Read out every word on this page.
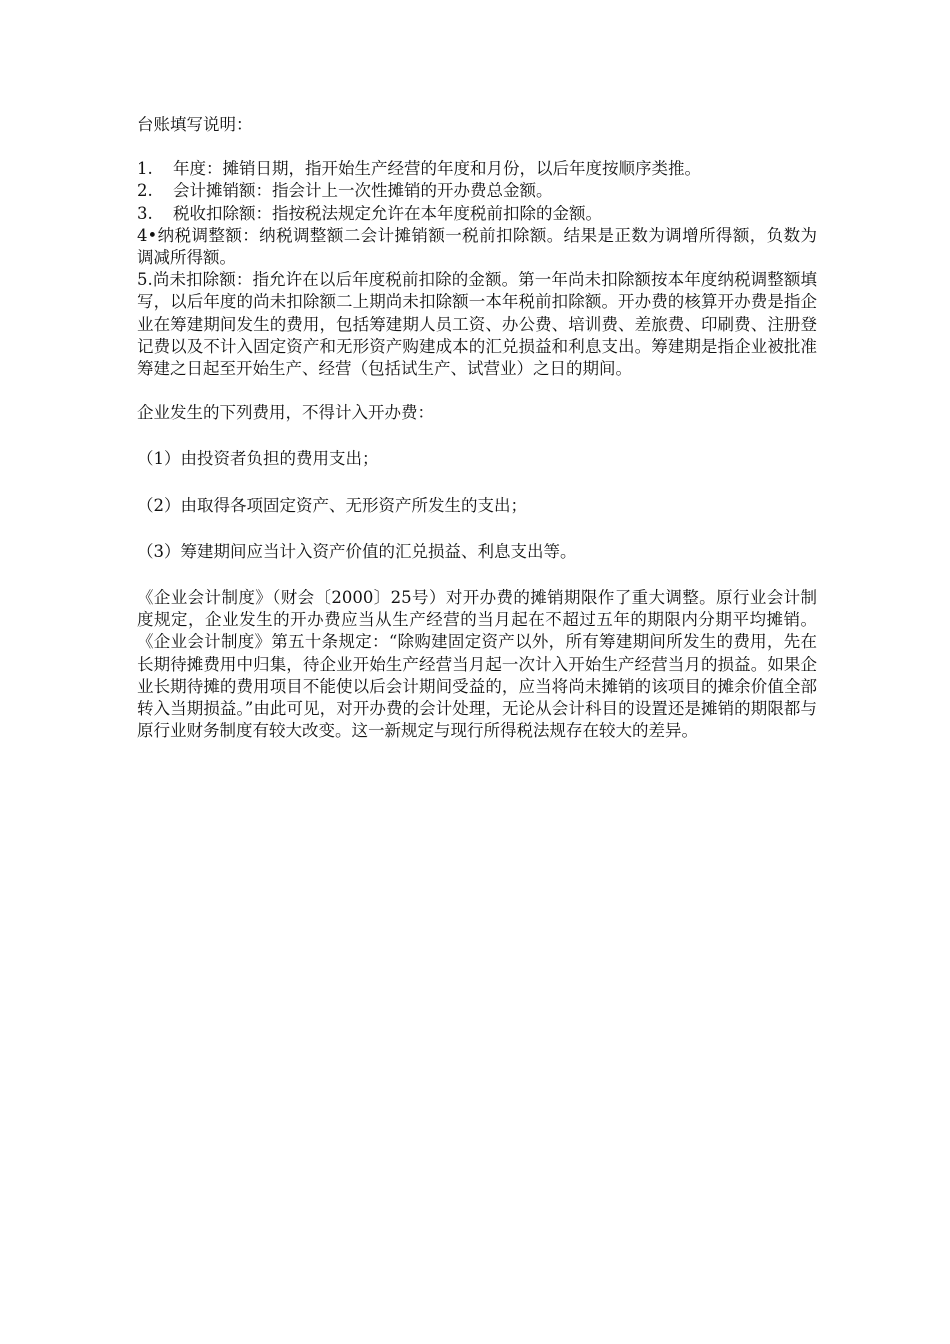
台账填写说明：

1.	年度：摊销日期，指开始生产经营的年度和月份，以后年度按顺序类推。

2.	会计摊销额：指会计上一次性摊销的开办费总金额。

3.	税收扣除额：指按税法规定允许在本年度税前扣除的金额。

4•纳税调整额：纳税调整额二会计摊销额一税前扣除额。结果是正数为调增所得额，负数为调减所得额。

5.尚未扣除额：指允许在以后年度税前扣除的金额。第一年尚未扣除额按本年度纳税调整额填写，以后年度的尚未扣除额二上期尚未扣除额一本年税前扣除额。开办费的核算开办费是指企业在筹建期间发生的费用，包括筹建期人员工资、办公费、培训费、差旅费、印刷费、注册登记费以及不计入固定资产和无形资产购建成本的汇兑损益和利息支出。筹建期是指企业被批准筹建之日起至开始生产、经营（包括试生产、试营业）之日的期间。

企业发生的下列费用，不得计入开办费：

（1）由投资者负担的费用支出；

（2）由取得各项固定资产、无形资产所发生的支出；

（3）筹建期间应当计入资产价值的汇兑损益、利息支出等。

《企业会计制度》（财会〔2000〕25号）对开办费的摊销期限作了重大调整。原行业会计制度规定，企业发生的开办费应当从生产经营的当月起在不超过五年的期限内分期平均摊销。《企业会计制度》第五十条规定：“除购建固定资产以外，所有筹建期间所发生的费用，先在长期待摊费用中归集，待企业开始生产经营当月起一次计入开始生产经营当月的损益。如果企业长期待摊的费用项目不能使以后会计期间受益的，应当将尚未摊销的该项目的摊余价值全部转入当期损益。”由此可见，对开办费的会计处理，无论从会计科目的设置还是摊销的期限都与原行业财务制度有较大改变。这一新规定与现行所得税法规存在较大的差异。
